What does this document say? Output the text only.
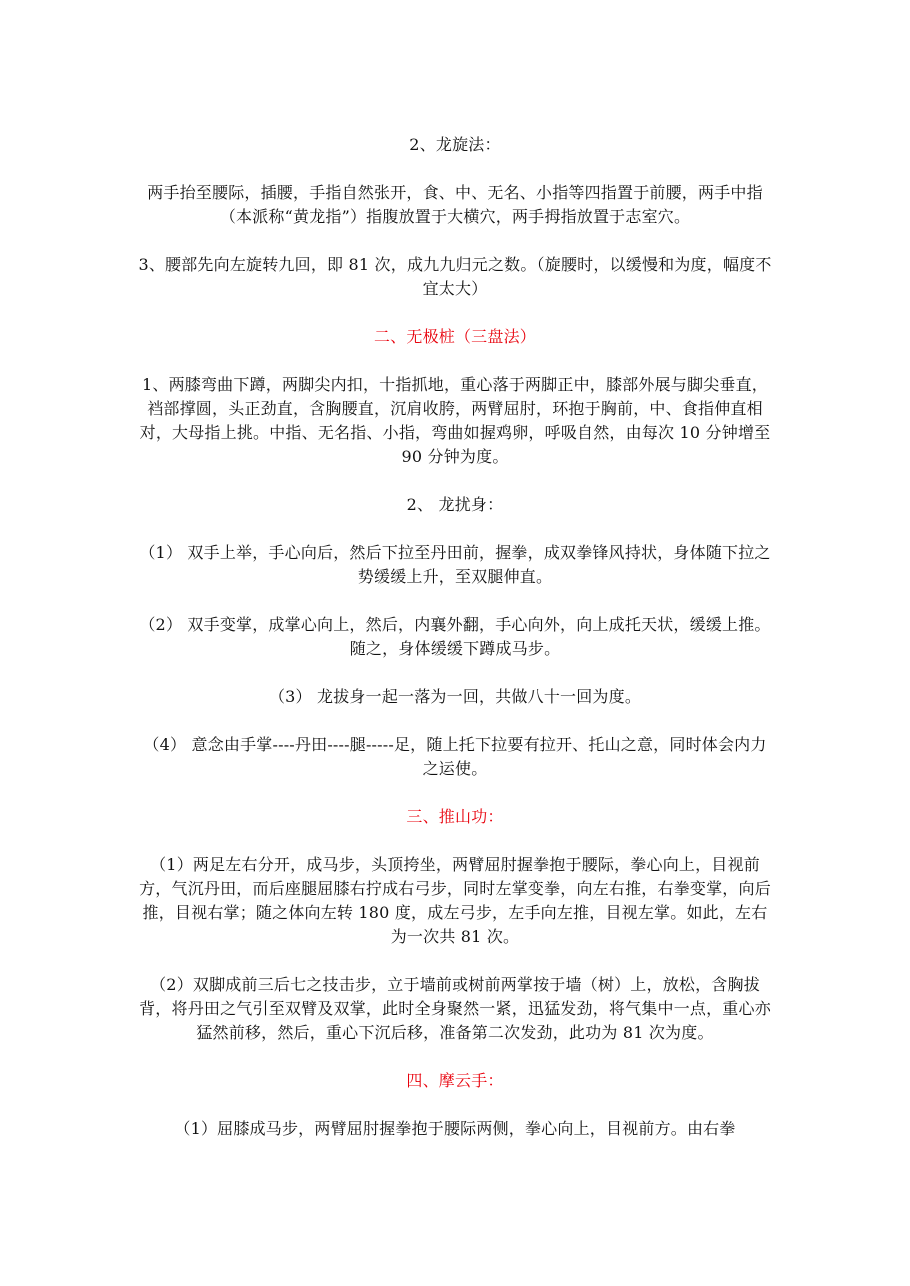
2、龙旋法：

两手抬至腰际，插腰，手指自然张开，食、中、无名、小指等四指置于前腰，两手中指（本派称“黄龙指”）指腹放置于大横穴，两手拇指放置于志室穴。

3、腰部先向左旋转九回，即 81 次，成九九归元之数。（旋腰时，以缓慢和为度，幅度不宜太大）

二、无极桩（三盘法）

1、两膝弯曲下蹲，两脚尖内扣，十指抓地，重心落于两脚正中，膝部外展与脚尖垂直，裆部撑圆，头正劲直，含胸腰直，沉肩收胯，两臂屈肘，环抱于胸前，中、食指伸直相对，大母指上挑。中指、无名指、小指，弯曲如握鸡卵，呼吸自然，由每次 10 分钟增至 90 分钟为度。

2、 龙扰身：

（1） 双手上举，手心向后，然后下拉至丹田前，握拳，成双拳锋风持状，身体随下拉之势缓缓上升，至双腿伸直。

（2） 双手变掌，成掌心向上，然后，内襄外翻，手心向外，向上成托天状，缓缓上推。随之，身体缓缓下蹲成马步。

（3） 龙拔身一起一落为一回，共做八十一回为度。

（4） 意念由手掌----丹田----腿-----足，随上托下拉要有拉开、托山之意，同时体会内力之运使。

三、推山功：

（1）两足左右分开，成马步，头顶挎坐，两臂屈肘握拳抱于腰际，拳心向上，目视前方，气沉丹田，而后座腿屈膝右拧成右弓步，同时左掌变拳，向左右推，右拳变掌，向后推，目视右掌；随之体向左转 180 度，成左弓步，左手向左推，目视左掌。如此，左右为一次共 81 次。

（2）双脚成前三后七之技击步，立于墙前或树前两掌按于墙（树）上，放松，含胸拔背，将丹田之气引至双臂及双掌，此时全身聚然一紧，迅猛发劲，将气集中一点，重心亦猛然前移，然后，重心下沉后移，准备第二次发劲，此功为 81 次为度。

四、摩云手：

（1）屈膝成马步，两臂屈肘握拳抱于腰际两侧，拳心向上，目视前方。由右拳
